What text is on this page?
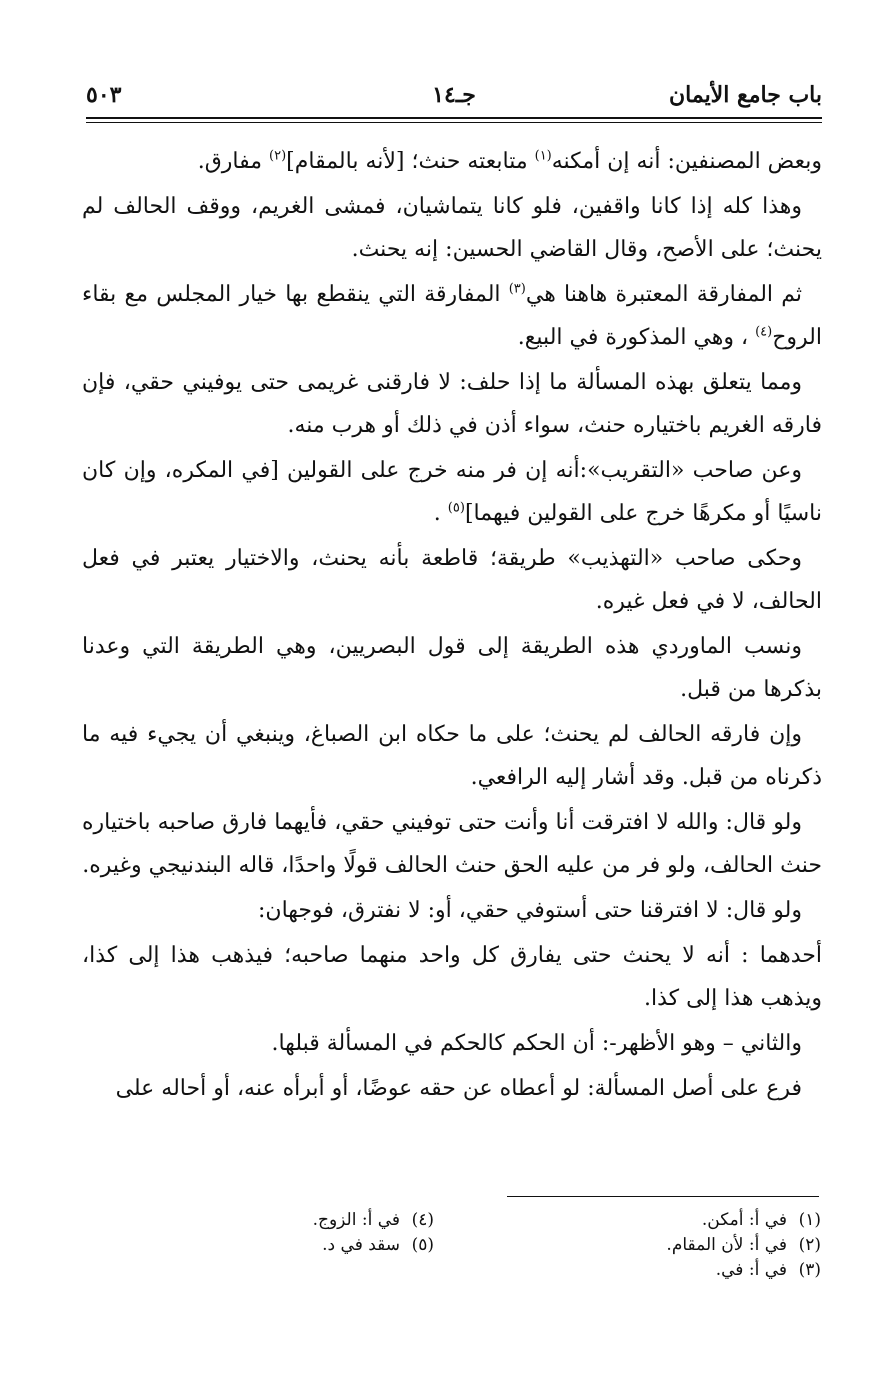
باب جامع الأيمان
جـ١٤
٥٠٣

وبعض المصنفين: أنه إن أمكنه$^{(١)}$ متابعته حنث؛ [لأنه بالمقام]$^{(٢)}$ مفارق.

وهذا كله إذا كانا واقفين، فلو كانا يتماشيان، فمشى الغريم، ووقف الحالف لم يحنث؛ على الأصح، وقال القاضي الحسين: إنه يحنث.

ثم المفارقة المعتبرة هاهنا هي$^{(٣)}$ المفارقة التي ينقطع بها خيار المجلس مع بقاء الروح$^{(٤)}$ ، وهي المذكورة في البيع.

ومما يتعلق بهذه المسألة ما إذا حلف: لا فارقنى غريمى حتى يوفيني حقي، فإن فارقه الغريم باختياره حنث، سواء أذن في ذلك أو هرب منه.

وعن صاحب «التقريب»:أنه إن فر منه خرج على القولين [في المكره، وإن كان ناسيًا أو مكرهًا خرج على القولين فيهما]$^{(٥)}$ .

وحكى صاحب «التهذيب» طريقة؛ قاطعة بأنه يحنث، والاختيار يعتبر في فعل الحالف، لا في فعل غيره.

ونسب الماوردي هذه الطريقة إلى قول البصريين، وهي الطريقة التي وعدنا بذكرها من قبل.

وإن فارقه الحالف لم يحنث؛ على ما حكاه ابن الصباغ، وينبغي أن يجيء فيه ما ذكرناه من قبل. وقد أشار إليه الرافعي.

ولو قال: والله لا افترقت أنا وأنت حتى توفيني حقي، فأيهما فارق صاحبه باختياره حنث الحالف، ولو فر من عليه الحق حنث الحالف قولًا واحدًا، قاله البندنيجي وغيره.

ولو قال: لا افترقنا حتى أستوفي حقي، أو: لا نفترق، فوجهان:

أحدهما : أنه لا يحنث حتى يفارق كل واحد منهما صاحبه؛ فيذهب هذا إلى كذا، ويذهب هذا إلى كذا.

والثاني – وهو الأظهر-: أن الحكم كالحكم في المسألة قبلها.

فرع على أصل المسألة: لو أعطاه عن حقه عوضًا، أو أبرأه عنه، أو أحاله على

(١)في أ: أمكن.
(٢)في أ: لأن المقام.
(٣)في أ: في.
(٤)في أ: الزوج.
(٥)سقد في د.
